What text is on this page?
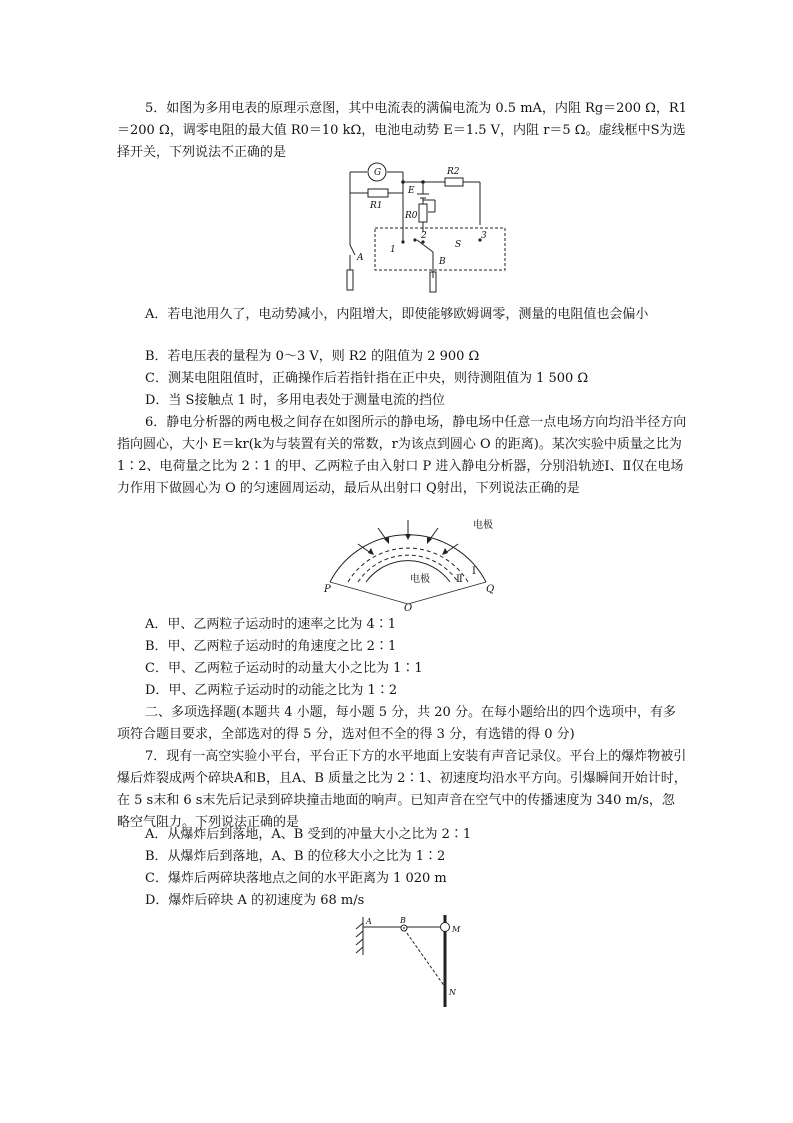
5．如图为多用电表的原理示意图，其中电流表的满偏电流为 0.5 mA，内阻 Rg＝200 Ω，R1＝200 Ω，调零电阻的最大值 R0＝10 kΩ，电池电动势 E＝1.5 V，内阻 r＝5 Ω。虚线框中S为选择开关，下列说法不正确的是

G
R1
R2
E
R0
S
A	B
1
2	3

A．若电池用久了，电动势减小，内阻增大，即使能够欧姆调零，测量的电阻值也会偏小

B．若电压表的量程为 0～3 V，则 R2 的阻值为 2 900 Ω

C．测某电阻阻值时，正确操作后若指针指在正中央，则待测阻值为 1 500 Ω

D．当 S接触点 1 时，多用电表处于测量电流的挡位

6．静电分析器的两电极之间存在如图所示的静电场，静电场中任意一点电场方向均沿半径方向指向圆心，大小 E＝kr(k为与装置有关的常数，r为该点到圆心 O 的距离)。某次实验中质量之比为 1∶2、电荷量之比为 2∶1 的甲、乙两粒子由入射口 P 进入静电分析器，分别沿轨迹Ⅰ、Ⅱ仅在电场力作用下做圆心为 O 的匀速圆周运动，最后从出射口 Q射出，下列说法正确的是

电极
电极
P	Q
O
Ⅰ
Ⅱ

A．甲、乙两粒子运动时的速率之比为 4∶1

B．甲、乙两粒子运动时的角速度之比 2∶1

C．甲、乙两粒子运动时的动量大小之比为 1∶1

D．甲、乙两粒子运动时的动能之比为 1∶2

二、多项选择题(本题共 4 小题，每小题 5 分，共 20 分。在每小题给出的四个选项中，有多项符合题目要求，全部选对的得 5 分，选对但不全的得 3 分，有选错的得 0 分)

7．现有一高空实验小平台，平台正下方的水平地面上安装有声音记录仪。平台上的爆炸物被引爆后炸裂成两个碎块A和B，且A、B 质量之比为 2∶1、初速度均沿水平方向。引爆瞬间开始计时，在 5 s末和 6 s末先后记录到碎块撞击地面的响声。已知声音在空气中的传播速度为 340 m/s，忽略空气阻力。下列说法正确的是

A．从爆炸后到落地，A、B 受到的冲量大小之比为 2∶1

B．从爆炸后到落地，A、B 的位移大小之比为 1∶2

C．爆炸后两碎块落地点之间的水平距离为 1 020 m

D．爆炸后碎块 A 的初速度为 68 m/s

A	B
M
N
